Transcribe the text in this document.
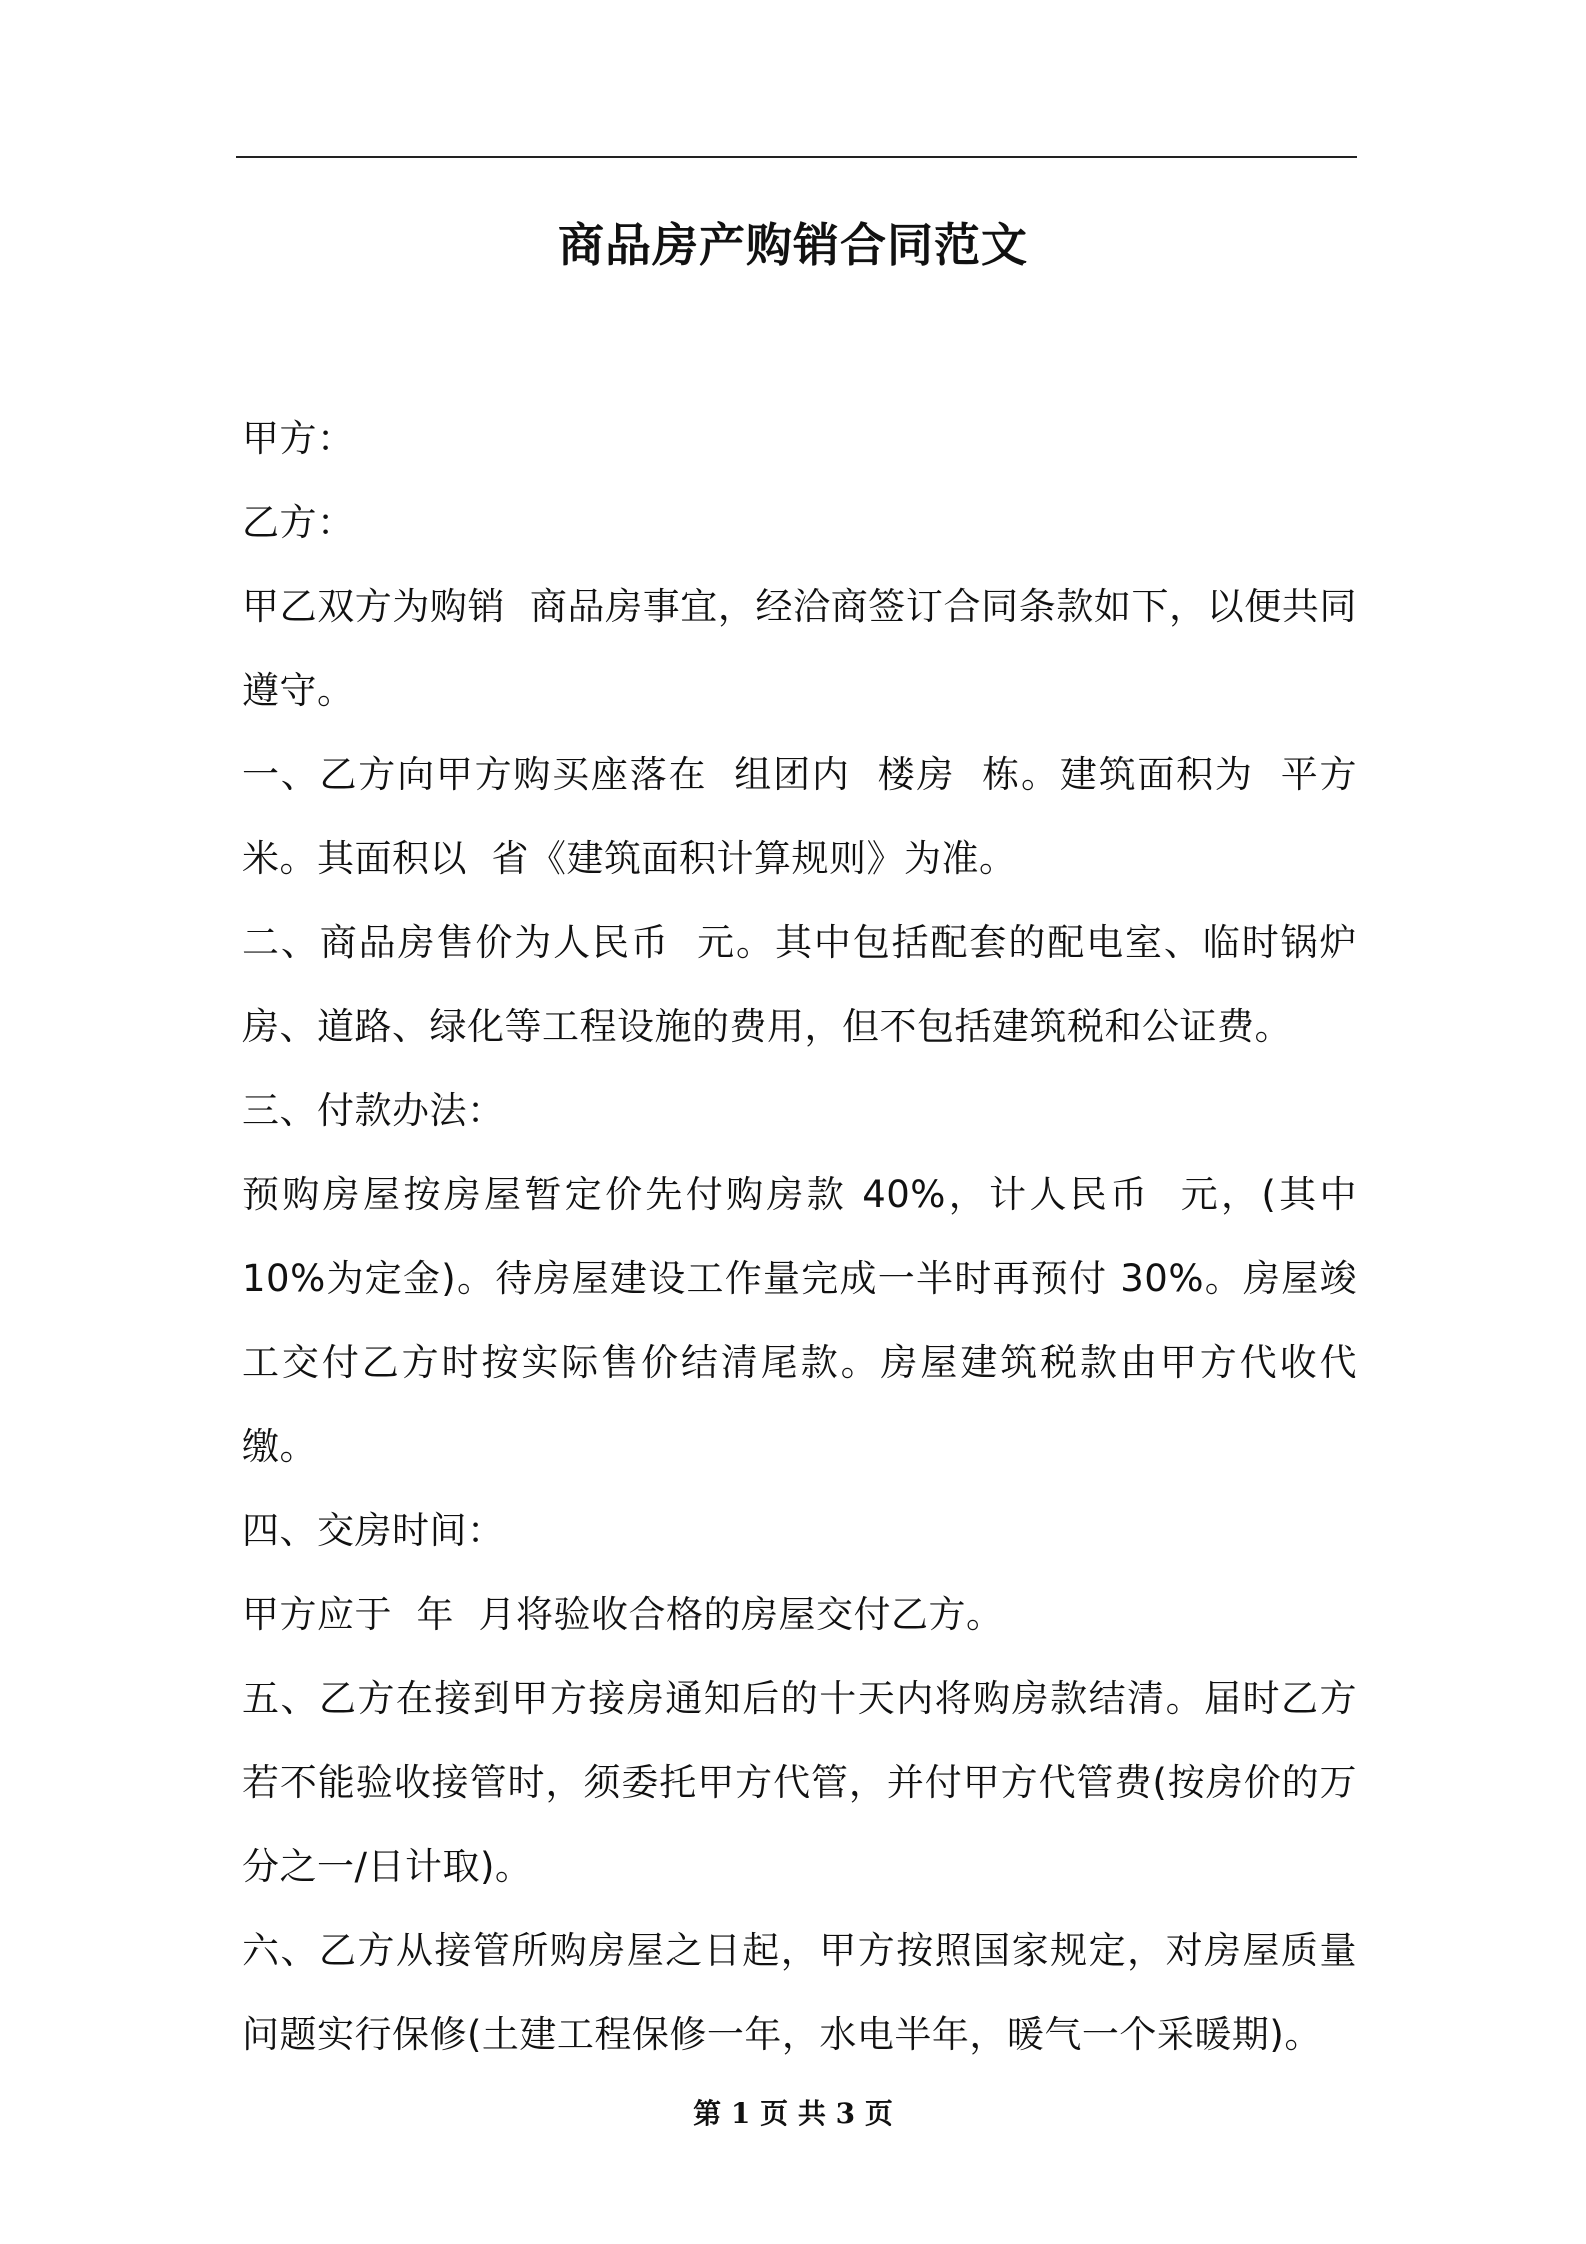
商品房产购销合同范文

甲方：

乙方：

甲乙双方为购销  商品房事宜，经洽商签订合同条款如下，以便共同遵守。

一、乙方向甲方购买座落在  组团内  楼房  栋。建筑面积为  平方米。其面积以  省《建筑面积计算规则》为准。

二、商品房售价为人民币  元。其中包括配套的配电室、临时锅炉房、道路、绿化等工程设施的费用，但不包括建筑税和公证费。

三、付款办法：

预购房屋按房屋暂定价先付购房款 40%，计人民币  元，(其中 10%为定金)。待房屋建设工作量完成一半时再预付 30%。房屋竣工交付乙方时按实际售价结清尾款。房屋建筑税款由甲方代收代缴。

四、交房时间：

甲方应于  年  月将验收合格的房屋交付乙方。

五、乙方在接到甲方接房通知后的十天内将购房款结清。届时乙方若不能验收接管时，须委托甲方代管，并付甲方代管费(按房价的万分之一/日计取)。

六、乙方从接管所购房屋之日起，甲方按照国家规定，对房屋质量问题实行保修(土建工程保修一年，水电半年，暖气一个采暖期)。

第 1 页 共 3 页
